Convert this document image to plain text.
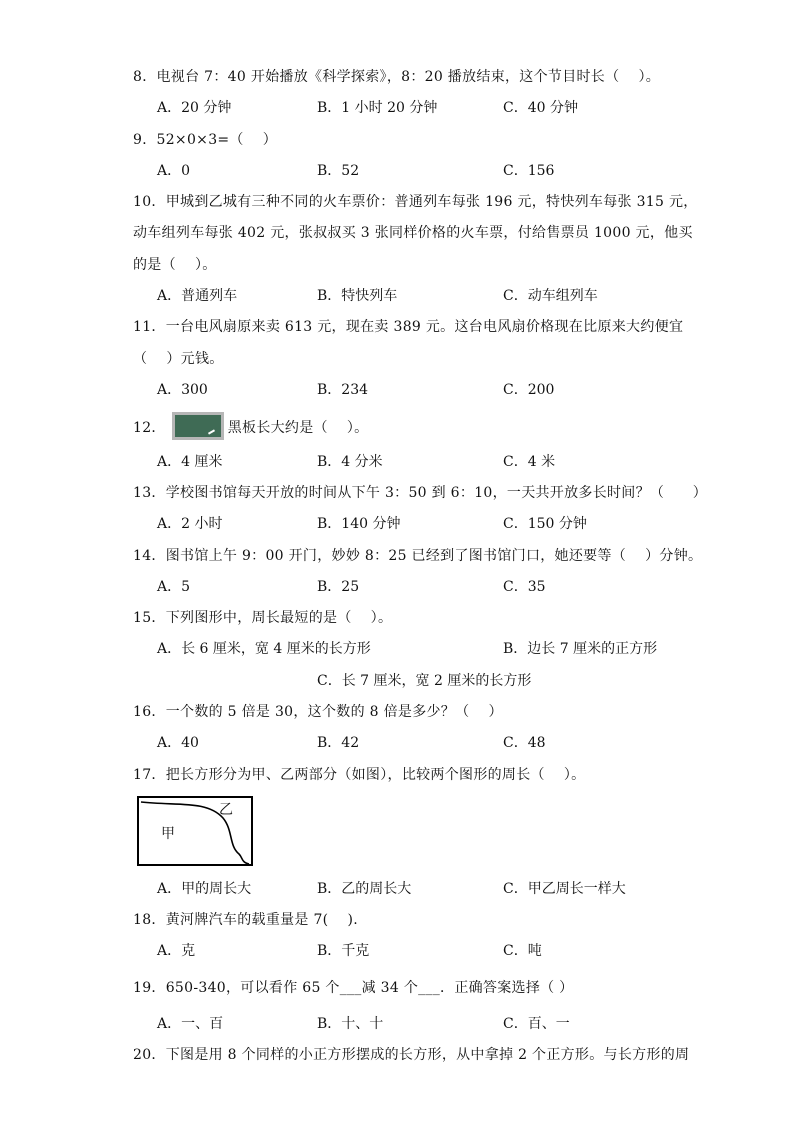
8．电视台 7：40 开始播放《科学探索》，8：20 播放结束，这个节目时长（　 ）。
A．20 分钟	B．1 小时 20 分钟	C．40 分钟
9．52×0×3=（　 ）
A．0	B．52	C．156
10．甲城到乙城有三种不同的火车票价：普通列车每张 196 元，特快列车每张 315 元，
动车组列车每张 402 元，张叔叔买 3 张同样价格的火车票，付给售票员 1000 元，他买
的是（　 ）。
A．普通列车	B．特快列车	C．动车组列车
11．一台电风扇原来卖 613 元，现在卖 389 元。这台电风扇价格现在比原来大约便宜
（　 ）元钱。
A．300	B．234	C．200
12．	黑板长大约是（　 ）。
A．4 厘米	B．4 分米	C．4 米
13．学校图书馆每天开放的时间从下午 3：50 到 6：10，一天共开放多长时间？（　　）
A．2 小时	B．140 分钟	C．150 分钟
14．图书馆上午 9：00 开门，妙妙 8：25 已经到了图书馆门口，她还要等（　 ）分钟。
A．5	B．25	C．35
15．下列图形中，周长最短的是（　 ）。
A．长 6 厘米，宽 4 厘米的长方形	B．边长 7 厘米的正方形
C．长 7 厘米，宽 2 厘米的长方形
16．一个数的 5 倍是 30，这个数的 8 倍是多少？（　 ）
A．40	B．42	C．48
17．把长方形分为甲、乙两部分（如图），比较两个图形的周长（　 ）。
甲
乙
A．甲的周长大	B．乙的周长大	C．甲乙周长一样大
18．黄河牌汽车的载重量是 7(　 ).
A．克	B．千克	C．吨
19．650-340，可以看作 65 个___减 34 个___．正确答案选择（ ）
A．一、百	B．十、十	C．百、一
20．下图是用 8 个同样的小正方形摆成的长方形，从中拿掉 2 个正方形。与长方形的周
